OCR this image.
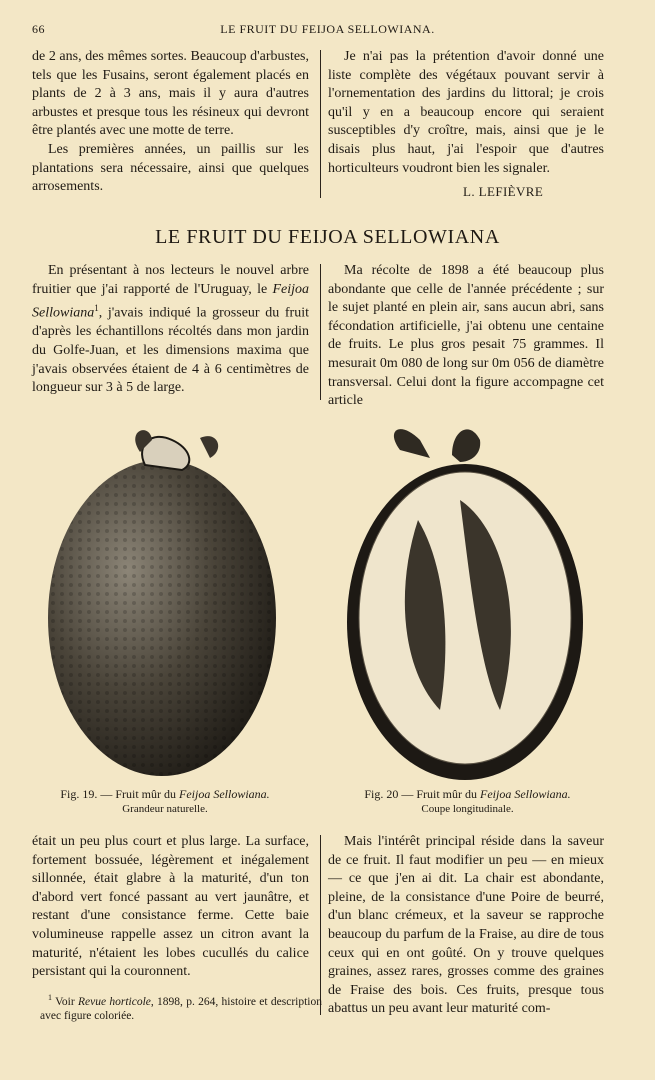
66	LE FRUIT DU FEIJOA SELLOWIANA.

de 2 ans, des mêmes sortes. Beaucoup d'arbustes, tels que les Fusains, seront également placés en plants de 2 à 3 ans, mais il y aura d'autres arbustes et presque tous les résineux qui devront être plantés avec une motte de terre.

Les premières années, un paillis sur les plantations sera nécessaire, ainsi que quelques arrosements.

Je n'ai pas la prétention d'avoir donné une liste complète des végétaux pouvant servir à l'ornementation des jardins du littoral; je crois qu'il y en a beaucoup encore qui seraient susceptibles d'y croître, mais, ainsi que je le disais plus haut, j'ai l'espoir que d'autres horticulteurs voudront bien les signaler.

L. LEFIÈVRE
LE FRUIT DU FEIJOA SELLOWIANA

En présentant à nos lecteurs le nouvel arbre fruitier que j'ai rapporté de l'Uruguay, le Feijoa Sellowiana$^1$, j'avais indiqué la grosseur du fruit d'après les échantillons récoltés dans mon jardin du Golfe-Juan, et les dimensions maxima que j'avais observées étaient de 4 à 6 centimètres de longueur sur 3 à 5 de large.

Ma récolte de 1898 a été beaucoup plus abondante que celle de l'année précédente ; sur le sujet planté en plein air, sans aucun abri, sans fécondation artificielle, j'ai obtenu une centaine de fruits. Le plus gros pesait 75 grammes. Il mesurait 0m 080 de long sur 0m 056 de diamètre transversal. Celui dont la figure accompagne cet article

Fig. 19. — Fruit mûr du Feijoa Sellowiana.
Grandeur naturelle.
Fig. 20 — Fruit mûr du Feijoa Sellowiana.
Coupe longitudinale.

était un peu plus court et plus large. La surface, fortement bossuée, légèrement et inégalement sillonnée, était glabre à la maturité, d'un ton d'abord vert foncé passant au vert jaunâtre, et restant d'une consistance ferme. Cette baie volumineuse rappelle assez un citron avant la maturité, n'étaient les lobes cucullés du calice persistant qui la couronnent.

Mais l'intérêt principal réside dans la saveur de ce fruit. Il faut modifier un peu — en mieux — ce que j'en ai dit. La chair est abondante, pleine, de la consistance d'une Poire de beurré, d'un blanc crémeux, et la saveur se rapproche beaucoup du parfum de la Fraise, au dire de tous ceux qui en ont goûté. On y trouve quelques graines, assez rares, grosses comme des graines de Fraise des bois. Ces fruits, presque tous abattus un peu avant leur maturité com-

$^1$ Voir Revue horticole, 1898, p. 264, histoire et description avec figure coloriée.
